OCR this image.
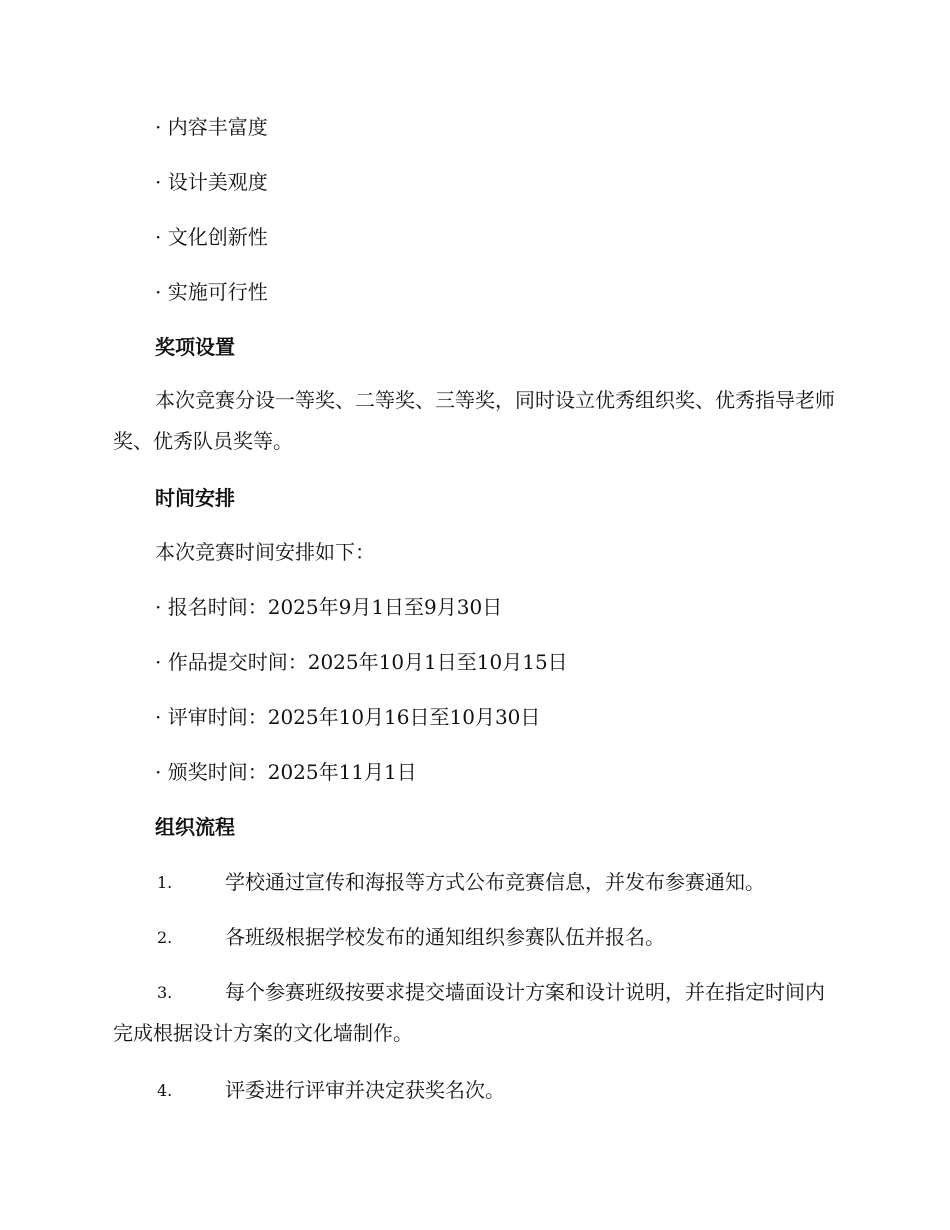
· 内容丰富度
· 设计美观度
· 文化创新性
· 实施可行性
奖项设置
本次竞赛分设一等奖、二等奖、三等奖，同时设立优秀组织奖、优秀指导老师奖、优秀队员奖等。
时间安排
本次竞赛时间安排如下：
· 报名时间：2025年9月1日至9月30日
· 作品提交时间：2025年10月1日至10月15日
· 评审时间：2025年10月16日至10月30日
· 颁奖时间：2025年11月1日
组织流程
1.	学校通过宣传和海报等方式公布竞赛信息，并发布参赛通知。
2.	各班级根据学校发布的通知组织参赛队伍并报名。
3.	每个参赛班级按要求提交墙面设计方案和设计说明，并在指定时间内完成根据设计方案的文化墙制作。
4.	评委进行评审并决定获奖名次。
